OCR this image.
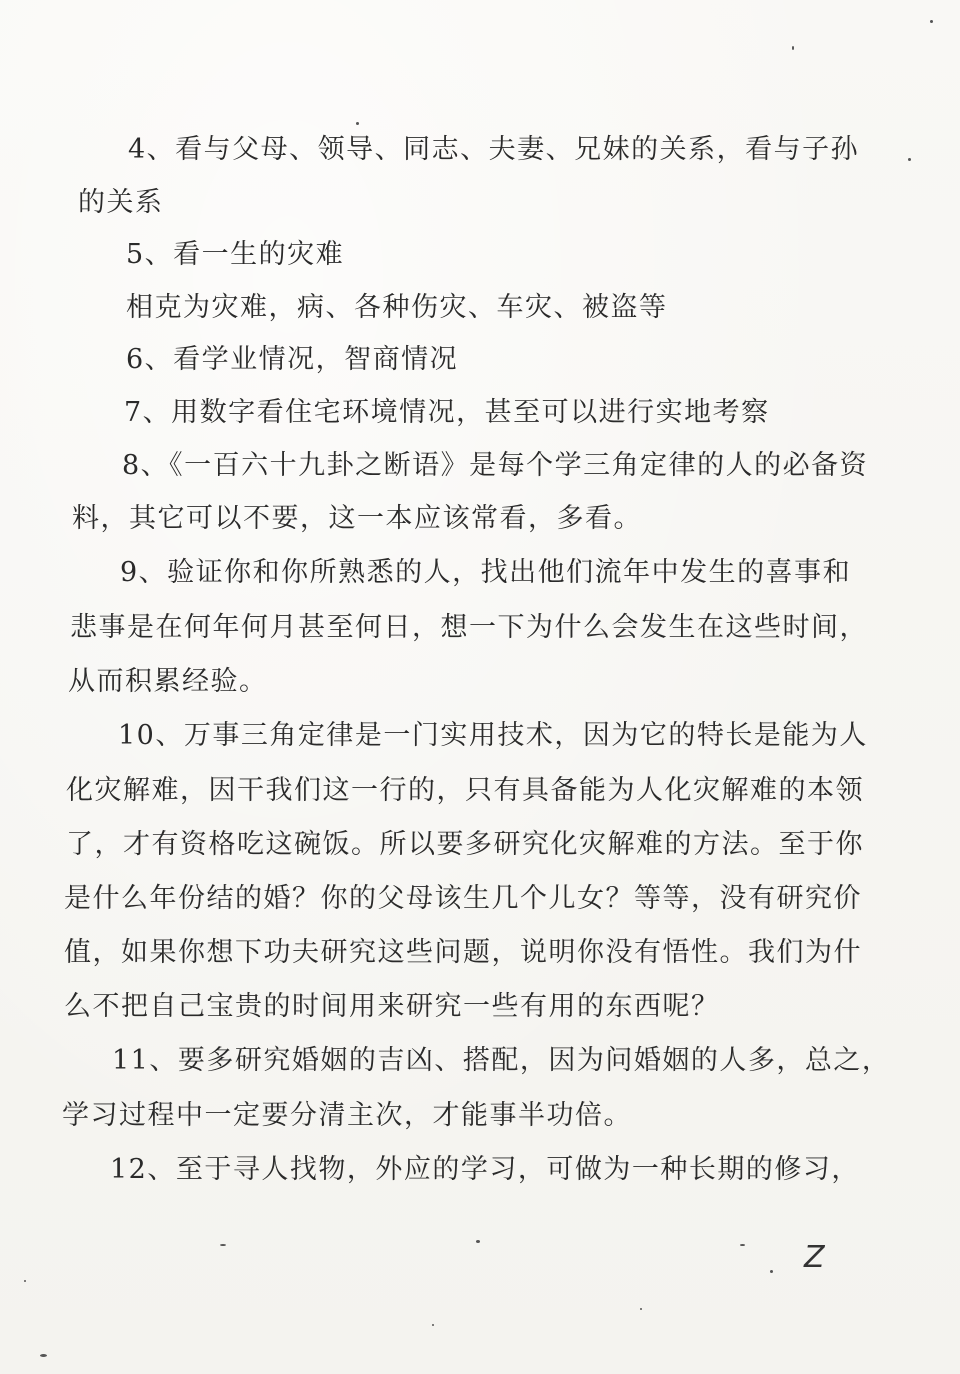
4、看与父母、领导、同志、夫妻、兄妹的关系，看与子孙
的关系
5、看一生的灾难
相克为灾难，病、各种伤灾、车灾、被盗等
6、看学业情况，智商情况
7、用数字看住宅环境情况，甚至可以进行实地考察
8、《一百六十九卦之断语》是每个学三角定律的人的必备资
料，其它可以不要，这一本应该常看，多看。
9、验证你和你所熟悉的人，找出他们流年中发生的喜事和
悲事是在何年何月甚至何日，想一下为什么会发生在这些时间，
从而积累经验。
10、万事三角定律是一门实用技术，因为它的特长是能为人
化灾解难，因干我们这一行的，只有具备能为人化灾解难的本领
了，才有资格吃这碗饭。所以要多研究化灾解难的方法。至于你
是什么年份结的婚？你的父母该生几个儿女？等等，没有研究价
值，如果你想下功夫研究这些问题，说明你没有悟性。我们为什
么不把自己宝贵的时间用来研究一些有用的东西呢？
11、要多研究婚姻的吉凶、搭配，因为问婚姻的人多，总之，
学习过程中一定要分清主次，才能事半功倍。
12、至于寻人找物，外应的学习，可做为一种长期的修习，
Z
